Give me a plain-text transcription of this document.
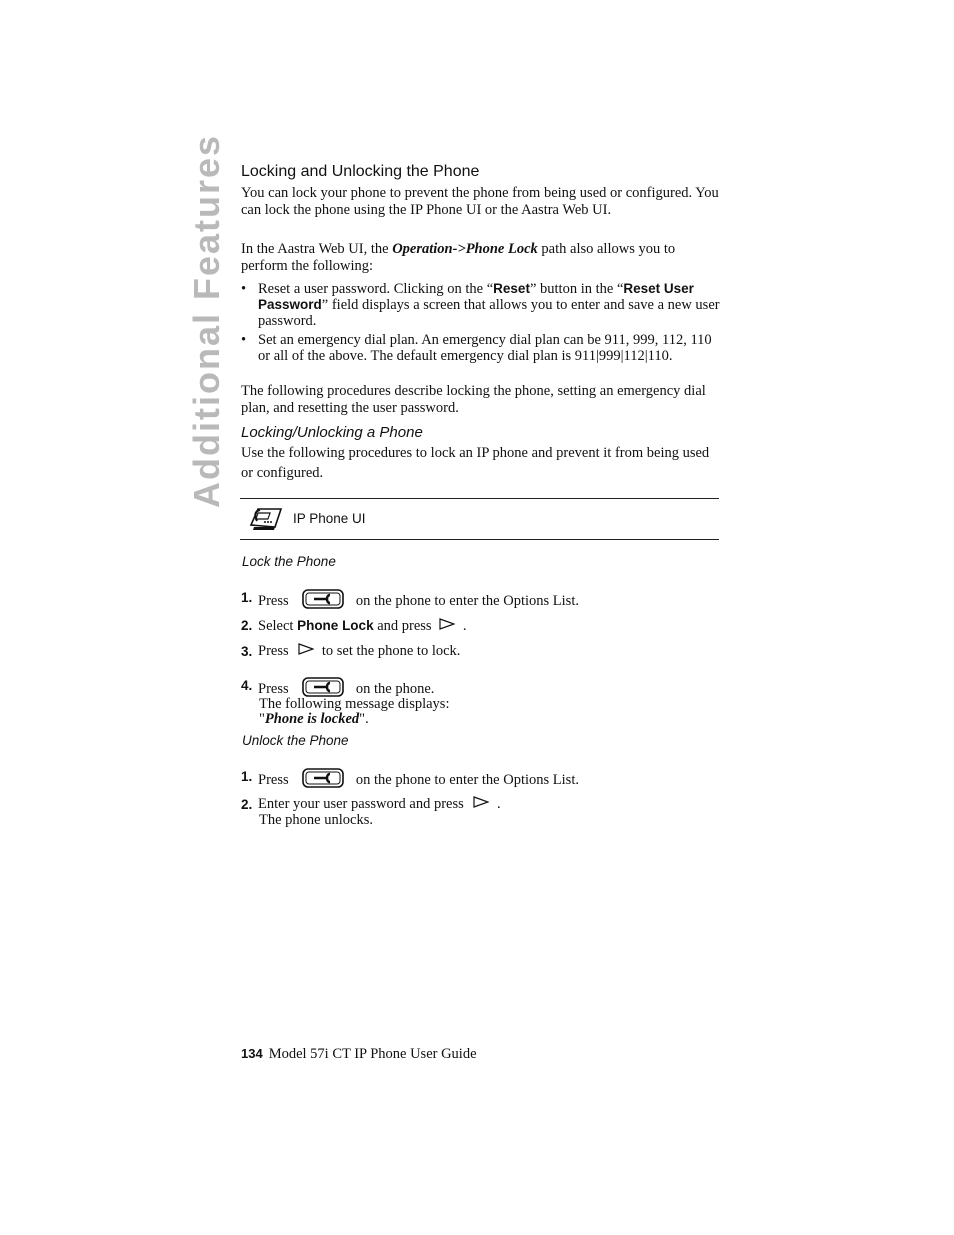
Additional Features Locking and Unlocking the Phone

You can lock your phone to prevent the phone from being used or configured. You can lock the phone using the IP Phone UI or the Aastra Web UI.

In the Aastra Web UI, the Operation->Phone Lock path also allows you to perform the following:

• Reset a user password. Clicking on the “Reset” button in the “Reset User Password” field displays a screen that allows you to enter and save a new user password.
• Set an emergency dial plan. An emergency dial plan can be 911, 999, 112, 110 or all of the above. The default emergency dial plan is 911|999|112|110.

The following procedures describe locking the phone, setting an emergency dial plan, and resetting the user password.

Locking/Unlocking a Phone

Use the following procedures to lock an IP phone and prevent it from being used or configured.

IP Phone UI
Lock the Phone
1. Press	on the phone to enter the Options List.
2. Select Phone Lock and press .
3. Press to set the phone to lock.
4. Press	on the phone.
The following message displays:
"Phone is locked".
Unlock the Phone
1. Press	on the phone to enter the Options List.
2. Enter your user password and press .
The phone unlocks.
134 Model 57i CT IP Phone User Guide
